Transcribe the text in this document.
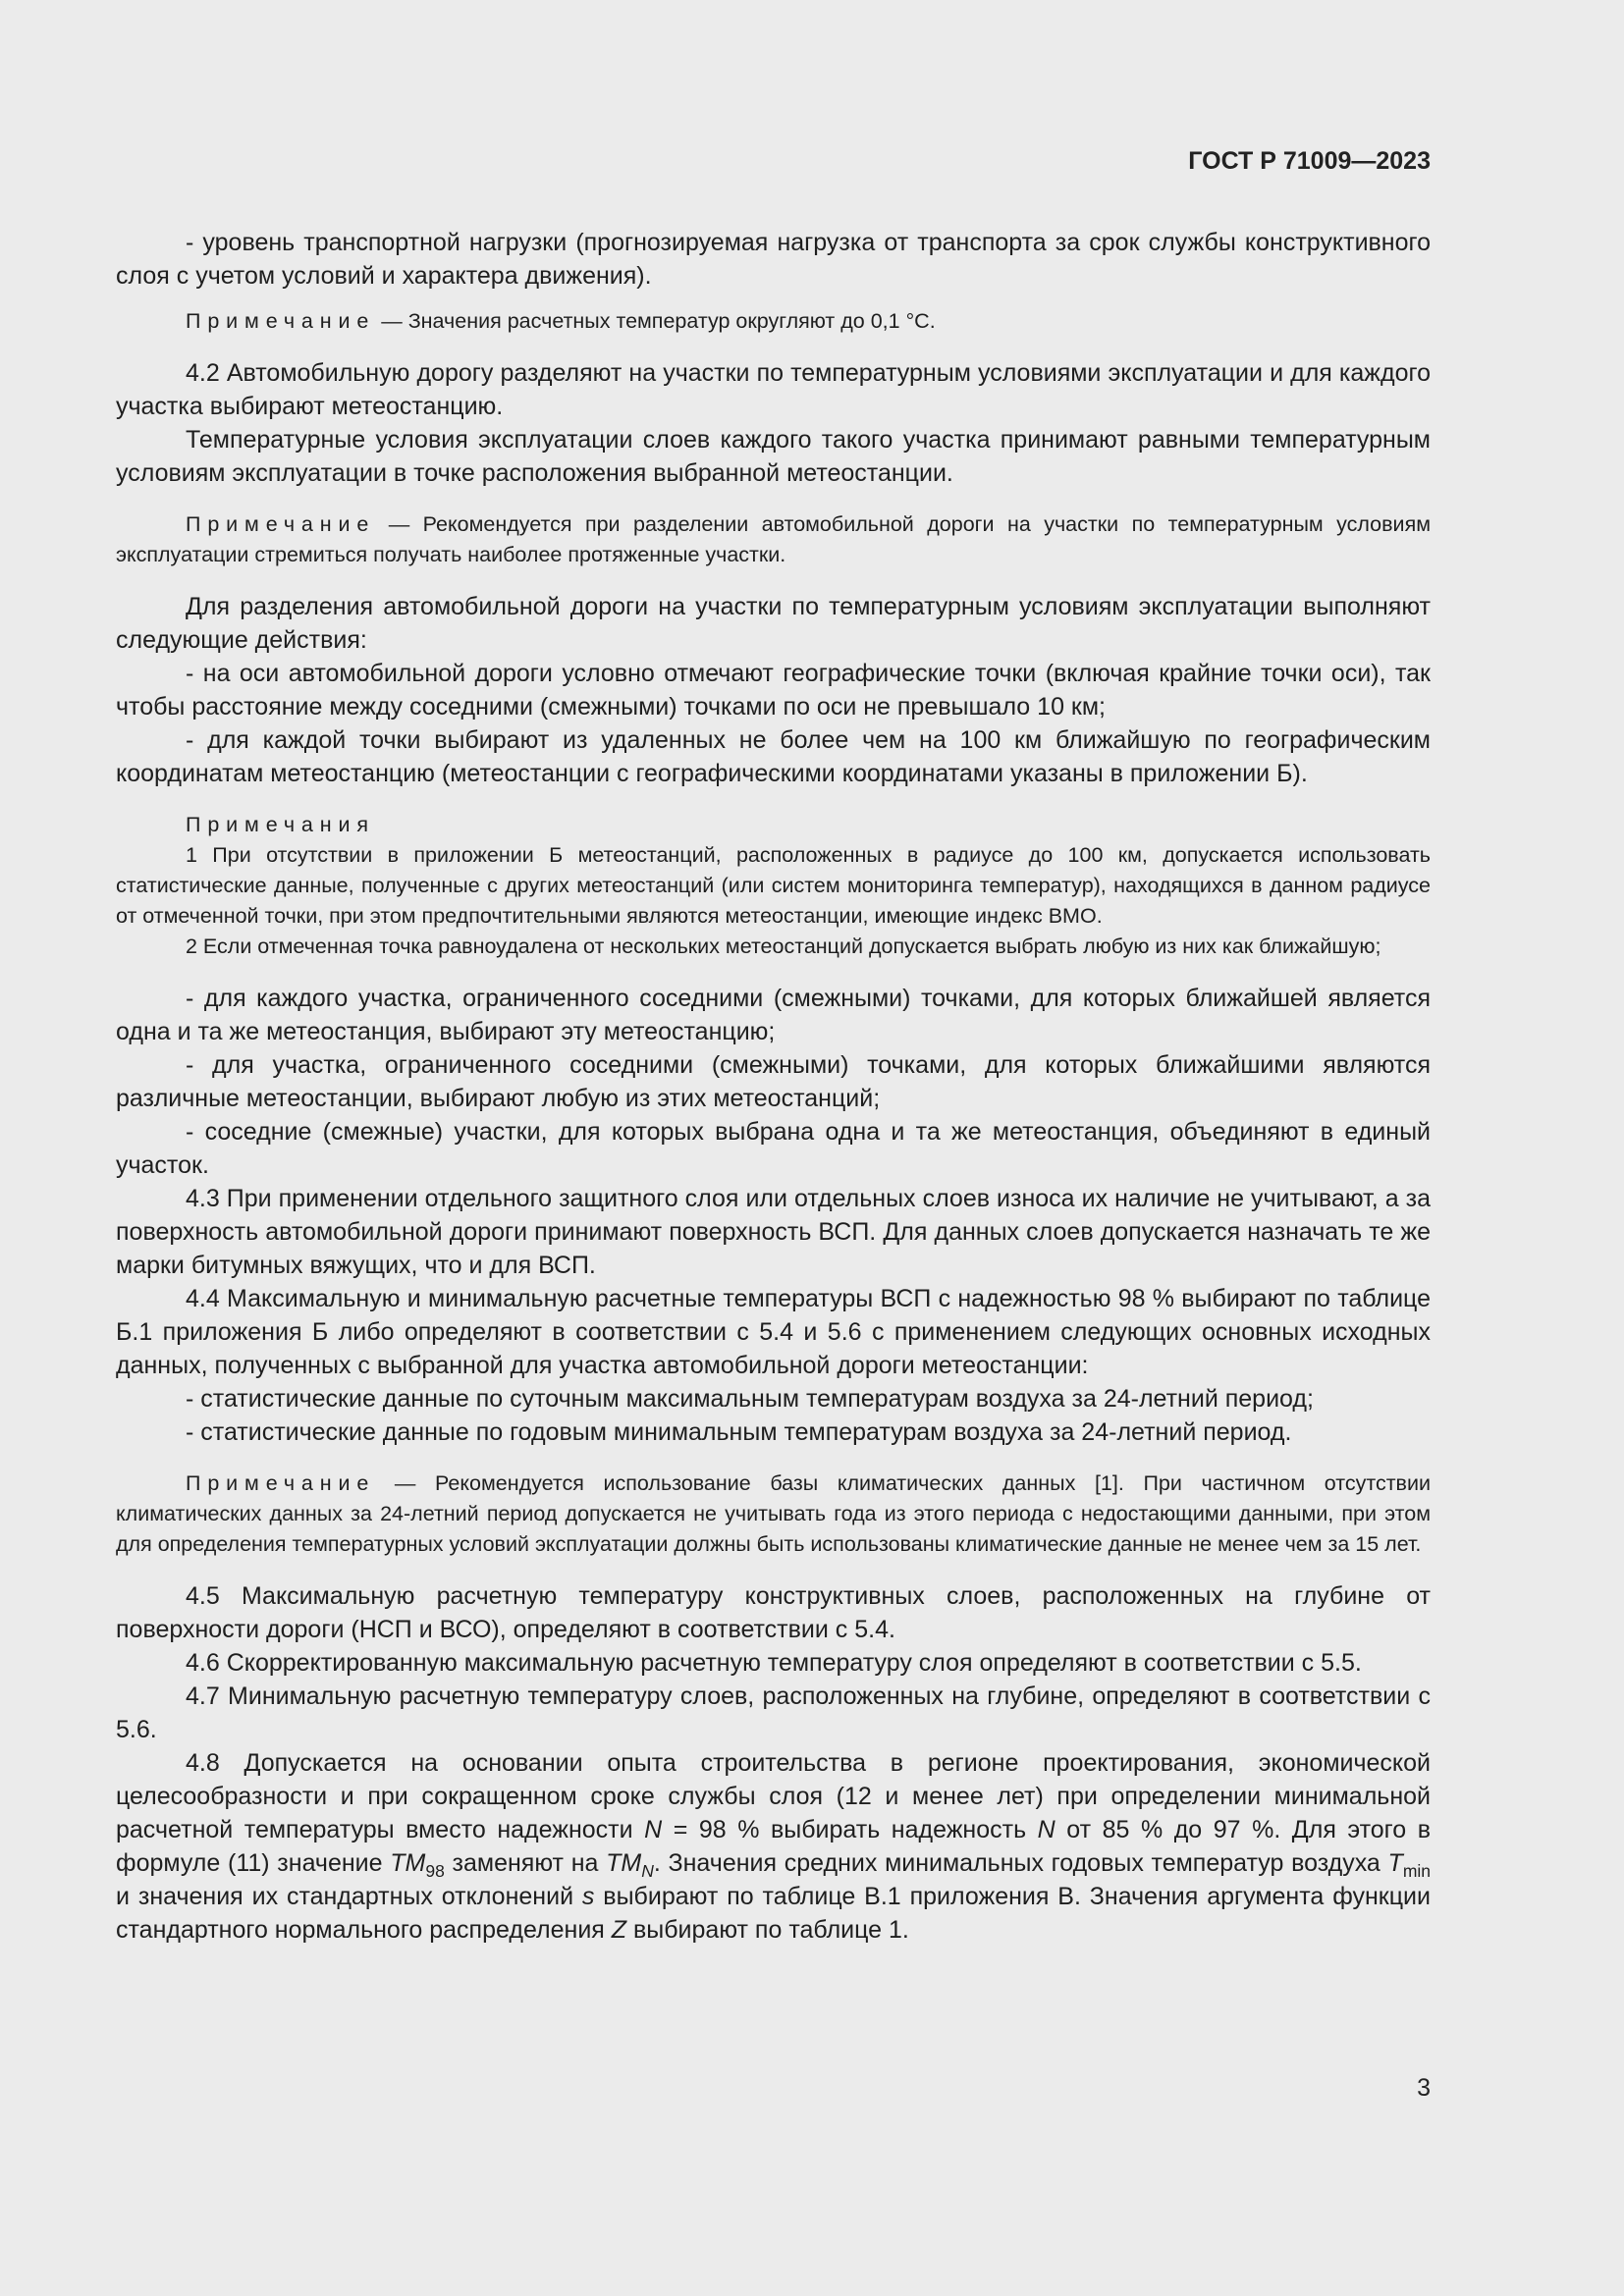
ГОСТ Р 71009—2023

- уровень транспортной нагрузки (прогнозируемая нагрузка от транспорта за срок службы конструктивного слоя с учетом условий и характера движения).

Примечание — Значения расчетных температур округляют до 0,1 °С.

4.2 Автомобильную дорогу разделяют на участки по температурным условиями эксплуатации и для каждого участка выбирают метеостанцию.

Температурные условия эксплуатации слоев каждого такого участка принимают равными температурным условиям эксплуатации в точке расположения выбранной метеостанции.

Примечание — Рекомендуется при разделении автомобильной дороги на участки по температурным условиям эксплуатации стремиться получать наиболее протяженные участки.

Для разделения автомобильной дороги на участки по температурным условиям эксплуатации выполняют следующие действия:

- на оси автомобильной дороги условно отмечают географические точки (включая крайние точки оси), так чтобы расстояние между соседними (смежными) точками по оси не превышало 10 км;

- для каждой точки выбирают из удаленных не более чем на 100 км ближайшую по географическим координатам метеостанцию (метеостанции с географическими координатами указаны в приложении Б).

Примечания

1 При отсутствии в приложении Б метеостанций, расположенных в радиусе до 100 км, допускается использовать статистические данные, полученные с других метеостанций (или систем мониторинга температур), находящихся в данном радиусе от отмеченной точки, при этом предпочтительными являются метеостанции, имеющие индекс ВМО.

2 Если отмеченная точка равноудалена от нескольких метеостанций допускается выбрать любую из них как ближайшую;

- для каждого участка, ограниченного соседними (смежными) точками, для которых ближайшей является одна и та же метеостанция, выбирают эту метеостанцию;

- для участка, ограниченного соседними (смежными) точками, для которых ближайшими являются различные метеостанции, выбирают любую из этих метеостанций;

- соседние (смежные) участки, для которых выбрана одна и та же метеостанция, объединяют в единый участок.

4.3 При применении отдельного защитного слоя или отдельных слоев износа их наличие не учитывают, а за поверхность автомобильной дороги принимают поверхность ВСП. Для данных слоев допускается назначать те же марки битумных вяжущих, что и для ВСП.

4.4 Максимальную и минимальную расчетные температуры ВСП с надежностью 98 % выбирают по таблице Б.1 приложения Б либо определяют в соответствии с 5.4 и 5.6 с применением следующих основных исходных данных, полученных с выбранной для участка автомобильной дороги метеостанции:

- статистические данные по суточным максимальным температурам воздуха за 24-летний период;

- статистические данные по годовым минимальным температурам воздуха за 24-летний период.

Примечание — Рекомендуется использование базы климатических данных [1]. При частичном отсутствии климатических данных за 24-летний период допускается не учитывать года из этого периода с недостающими данными, при этом для определения температурных условий эксплуатации должны быть использованы климатические данные не менее чем за 15 лет.

4.5 Максимальную расчетную температуру конструктивных слоев, расположенных на глубине от поверхности дороги (НСП и ВСО), определяют в соответствии с 5.4.

4.6 Скорректированную максимальную расчетную температуру слоя определяют в соответствии с 5.5.

4.7 Минимальную расчетную температуру слоев, расположенных на глубине, определяют в соответствии с 5.6.

4.8 Допускается на основании опыта строительства в регионе проектирования, экономической целесообразности и при сокращенном сроке службы слоя (12 и менее лет) при определении минимальной расчетной температуры вместо надежности N = 98 % выбирать надежность N от 85 % до 97 %. Для этого в формуле (11) значение $TM_{98}$ заменяют на $TM_N$. Значения средних минимальных годовых температур воздуха $T_{min}$ и значения их стандартных отклонений s выбирают по таблице В.1 приложения В. Значения аргумента функции стандартного нормального распределения Z выбирают по таблице 1.

3
